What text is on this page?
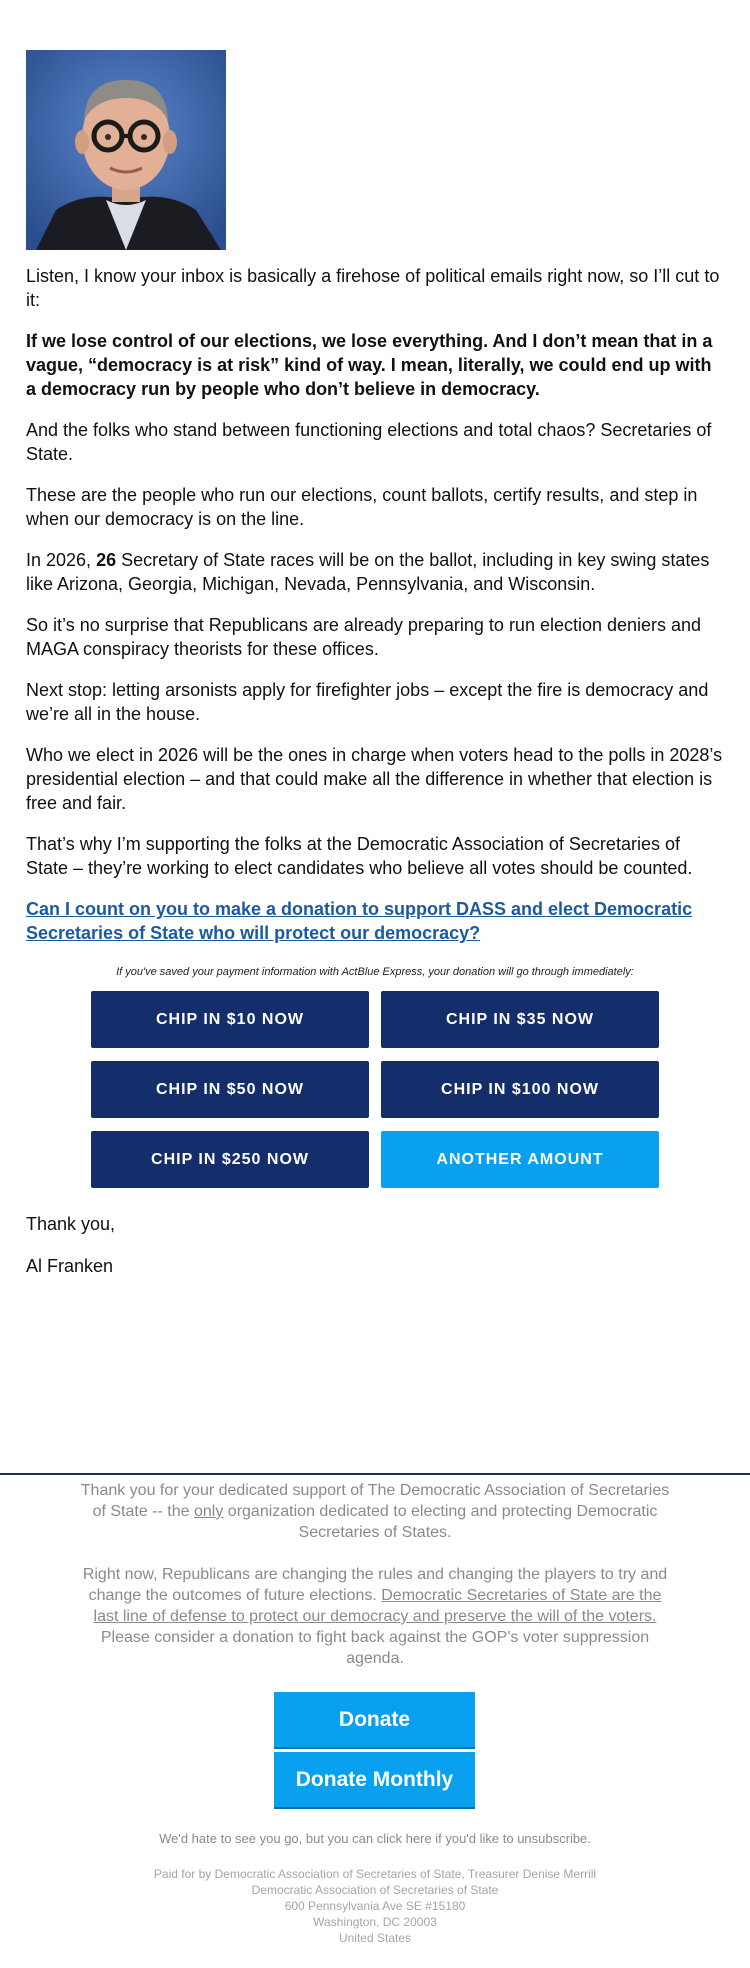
Listen, I know your inbox is basically a firehose of political emails right now, so I’ll cut to it:

If we lose control of our elections, we lose everything. And I don’t mean that in a vague, “democracy is at risk” kind of way. I mean, literally, we could end up with a democracy run by people who don’t believe in democracy.

And the folks who stand between functioning elections and total chaos? Secretaries of State.

These are the people who run our elections, count ballots, certify results, and step in when our democracy is on the line.

In 2026, 26 Secretary of State races will be on the ballot, including in key swing states like Arizona, Georgia, Michigan, Nevada, Pennsylvania, and Wisconsin.

So it’s no surprise that Republicans are already preparing to run election deniers and MAGA conspiracy theorists for these offices.

Next stop: letting arsonists apply for firefighter jobs – except the fire is democracy and we’re all in the house.

Who we elect in 2026 will be the ones in charge when voters head to the polls in 2028’s presidential election – and that could make all the difference in whether that election is free and fair.

That’s why I’m supporting the folks at the Democratic Association of Secretaries of State – they’re working to elect candidates who believe all votes should be counted.

Can I count on you to make a donation to support DASS and elect Democratic Secretaries of State who will protect our democracy?
If you've saved your payment information with ActBlue Express, your donation will go through immediately:
CHIP IN $10 NOW	CHIP IN $35 NOW
CHIP IN $50 NOW	CHIP IN $100 NOW
CHIP IN $250 NOW	ANOTHER AMOUNT
Thank you,
Al Franken
Thank you for your dedicated support of The Democratic Association of Secretaries of State -- the only organization dedicated to electing and protecting Democratic Secretaries of States.
Right now, Republicans are changing the rules and changing the players to try and change the outcomes of future elections. Democratic Secretaries of State are the last line of defense to protect our democracy and preserve the will of the voters. Please consider a donation to fight back against the GOP's voter suppression agenda.
Donate
Donate Monthly
We'd hate to see you go, but you can click here if you'd like to unsubscribe.
Paid for by Democratic Association of Secretaries of State, Treasurer Denise Merrill
Democratic Association of Secretaries of State
600 Pennsylvania Ave SE #15180
Washington, DC 20003
United States
